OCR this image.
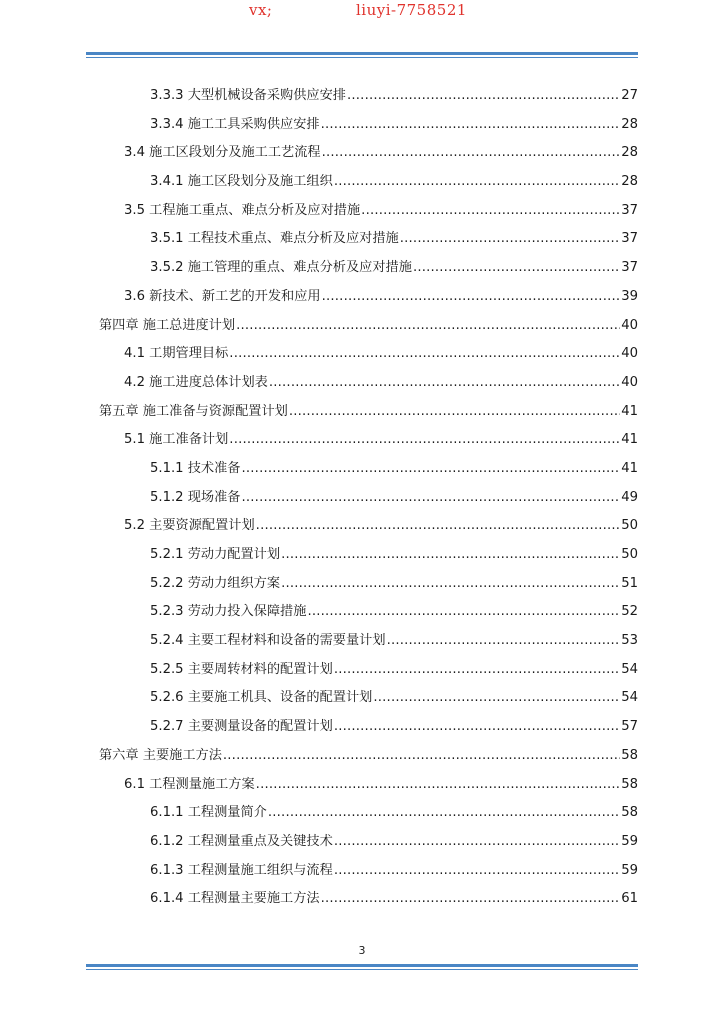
vx;	liuyi-7758521
3.3.3 大型机械设备采购供应安排 .....	27
3.3.4 施工工具采购供应安排 .....	28
3.4 施工区段划分及施工工艺流程 .....	28
3.4.1 施工区段划分及施工组织 .....	28
3.5 工程施工重点、难点分析及应对措施 .....	37
3.5.1 工程技术重点、难点分析及应对措施 .....	37
3.5.2 施工管理的重点、难点分析及应对措施 .....	37
3.6 新技术、新工艺的开发和应用 .....	39
第四章 施工总进度计划 .....	40
4.1 工期管理目标 .....	40
4.2 施工进度总体计划表 .....	40
第五章 施工准备与资源配置计划 .....	41
5.1 施工准备计划 .....	41
5.1.1 技术准备 .....	41
5.1.2 现场准备 .....	49
5.2 主要资源配置计划 .....	50
5.2.1 劳动力配置计划 .....	50
5.2.2 劳动力组织方案 .....	51
5.2.3 劳动力投入保障措施 .....	52
5.2.4 主要工程材料和设备的需要量计划 .....	53
5.2.5 主要周转材料的配置计划 .....	54
5.2.6 主要施工机具、设备的配置计划 .....	54
5.2.7 主要测量设备的配置计划 .....	57
第六章 主要施工方法 .....	58
6.1 工程测量施工方案 .....	58
6.1.1 工程测量简介 .....	58
6.1.2 工程测量重点及关键技术 .....	59
6.1.3 工程测量施工组织与流程 .....	59
6.1.4 工程测量主要施工方法 .....	61
3
